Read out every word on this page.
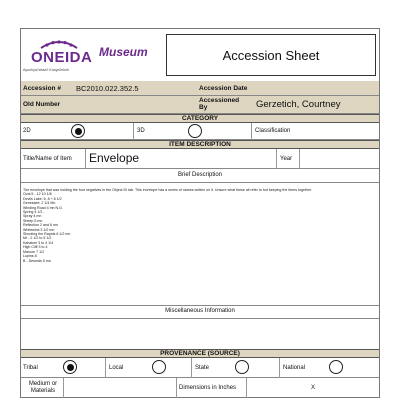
ONEIDA
Ayunhyaʔahsaʔ Kanyaʔnkeh
Museum	Accession Sheet
Accession # BC2010.022.352.5	Accession Date
Old Number
Accessioned By	Gerzetich, Courtney
CATEGORY
2D	3D	Classification
ITEM DESCRIPTION
Title/Name of Item Envelope	Year
Brief Description
The envelope that was holding the four negatives in the Object ID tab. This envelope has a series of names written on it. Unsure what these all refer to but keeping the items together.
Oval 5 - 12 10 1/8
Devils Lake: 6, 8 + 8 1/2
Genessee: 2 1/4 Mn
Winding Road 4 mn N.G.
Spring 4 1/2 -
Spray 4 mn
Sheep 5 mn
Reflection 2 and 6 mn
Whitewins 3 1/2 mn
Shooting the Rapids 6 1/2 mn
Mr - 2 1/2 to 5 1/2
Kahakee 3 to 4 1/4
High Cliff 3 to 4
Maroon 7 1/2
Lupins 8
B - Desmds 5 mn
Miscellaneous Information
PROVENANCE (SOURCE)
Tribal	Local	State	National
Medium or Materials	Dimensions in Inches	X
